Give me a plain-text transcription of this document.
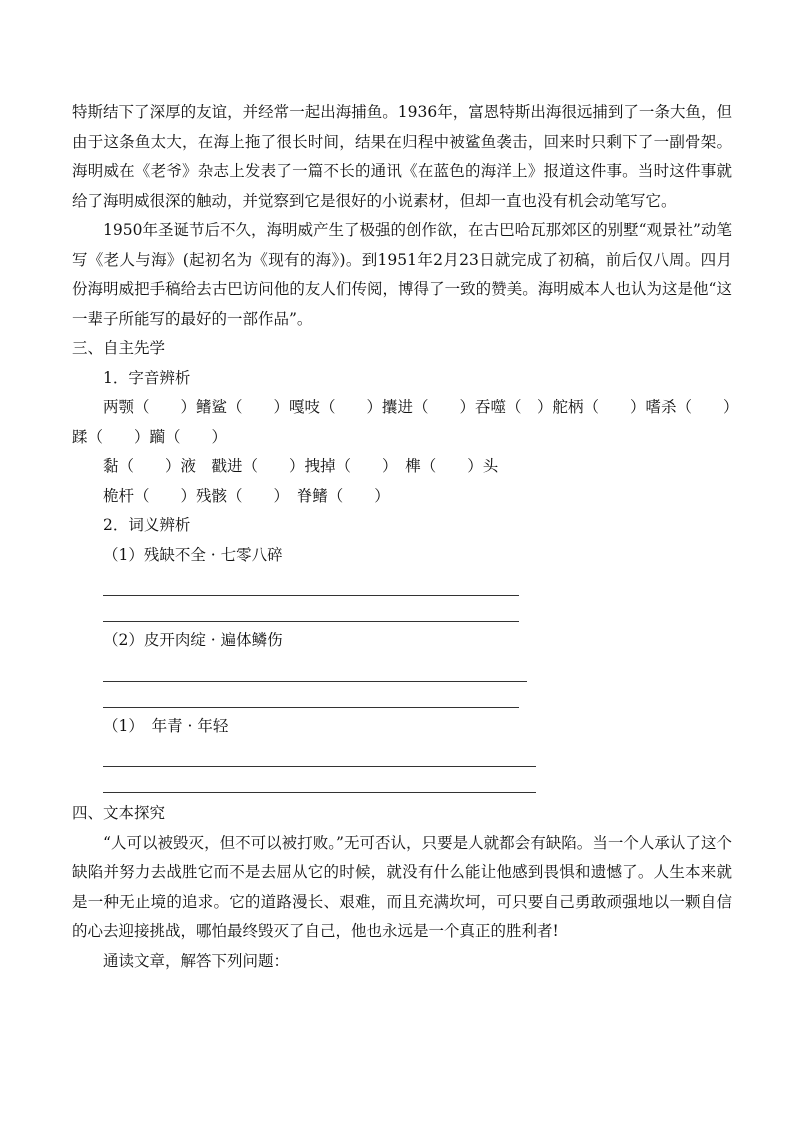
特斯结下了深厚的友谊，并经常一起出海捕鱼。1936年，富恩特斯出海很远捕到了一条大鱼，但由于这条鱼太大，在海上拖了很长时间，结果在归程中被鲨鱼袭击，回来时只剩下了一副骨架。海明威在《老爷》杂志上发表了一篇不长的通讯《在蓝色的海洋上》报道这件事。当时这件事就给了海明威很深的触动，并觉察到它是很好的小说素材，但却一直也没有机会动笔写它。

1950年圣诞节后不久，海明威产生了极强的创作欲，在古巴哈瓦那郊区的别墅“观景社”动笔写《老人与海》(起初名为《现有的海》)。到1951年2月23日就完成了初稿，前后仅八周。四月份海明威把手稿给去古巴访问他的友人们传阅，博得了一致的赞美。海明威本人也认为这是他“这一辈子所能写的最好的一部作品”。

三、自主先学

1．字音辨析

两颚（　　）鳍鲨（　　）嘎吱（　　）攮进（　　）吞噬（　）舵柄（　　）嗜杀（　　）

蹂（　　）躏（　　）

黏（　　）液　戳进（　　）拽掉（　　）　榫（　　）头

桅杆（　　）残骸（　　）　脊鳍（　　）

2．词义辨析

（1）残缺不全 · 七零八碎

（2）皮开肉绽 · 遍体鳞伤

（1）　年青 · 年轻

四、文本探究

“人可以被毁灭，但不可以被打败。”无可否认，只要是人就都会有缺陷。当一个人承认了这个缺陷并努力去战胜它而不是去屈从它的时候，就没有什么能让他感到畏惧和遗憾了。人生本来就是一种无止境的追求。它的道路漫长、艰难，而且充满坎坷，可只要自己勇敢顽强地以一颗自信的心去迎接挑战，哪怕最终毁灭了自己，他也永远是一个真正的胜利者!

通读文章，解答下列问题：
